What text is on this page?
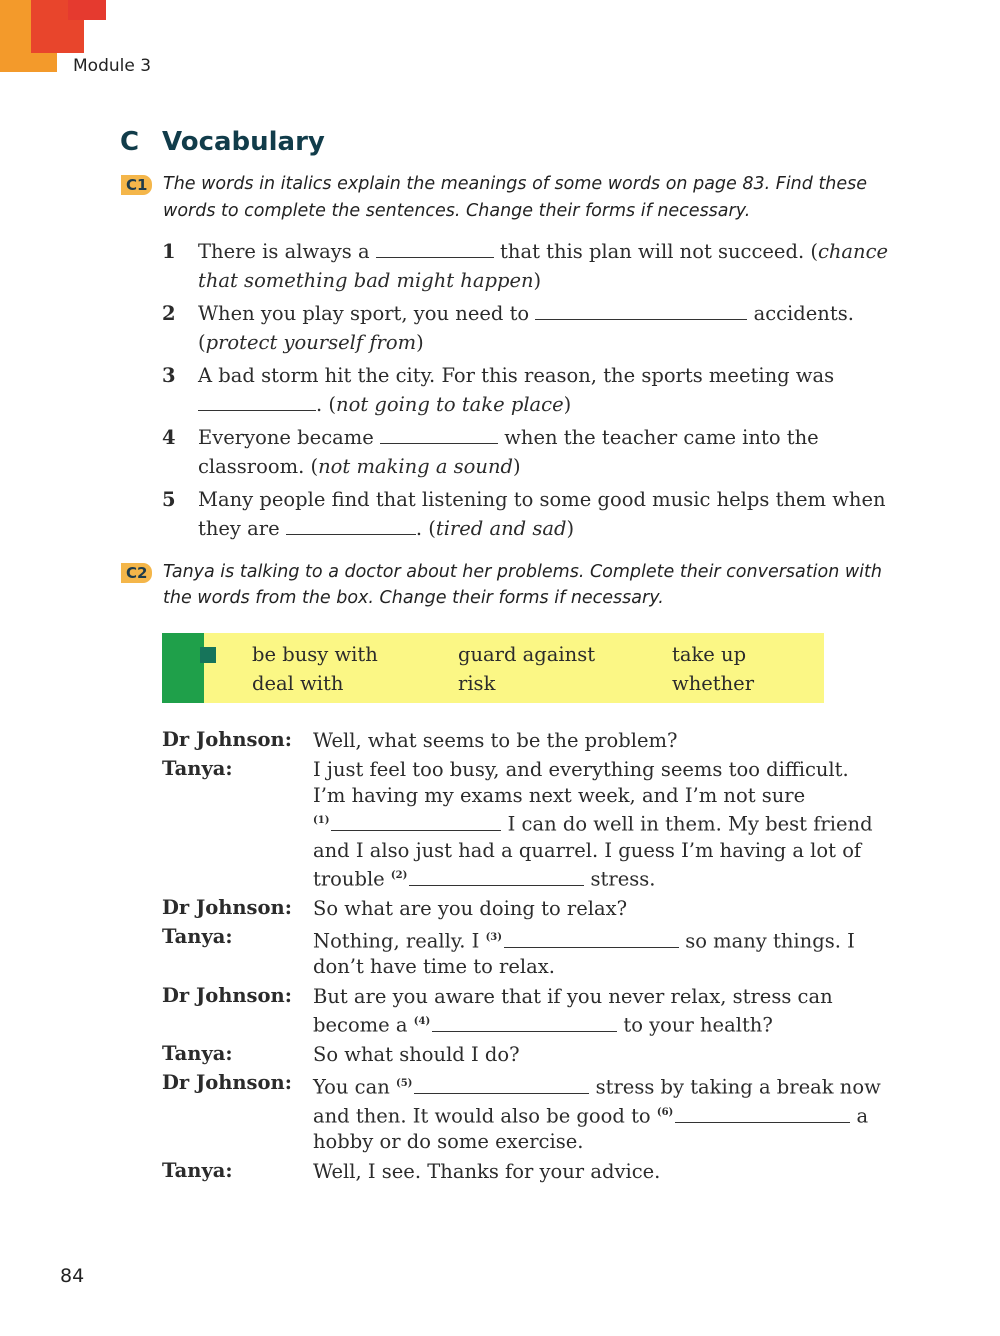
Module 3
C Vocabulary
C1 The words in italics explain the meanings of some words on page 83. Find these
words to complete the sentences. Change their forms if necessary.
1 There is always a	that this plan will not succeed. (chance
that something bad might happen)
2 When you play sport, you need to	accidents.
(protect yourself from)
3 A bad storm hit the city. For this reason, the sports meeting was
. (not going to take place)
4 Everyone became	when the teacher came into the
classroom. (not making a sound)
5 Many people find that listening to some good music helps them when
they are	. (tired and sad)
C2 Tanya is talking to a doctor about her problems. Complete their conversation with
the words from the box. Change their forms if necessary.
be busy with	guard against	take up
deal with	risk	whether
Dr Johnson: Well, what seems to be the problem?
Tanya:	I just feel too busy, and everything seems too difficult.
I’m having my exams next week, and I’m not sure
$^{(1)}$	I can do well in them. My best friend
and I also just had a quarrel. I guess I’m having a lot of
trouble $^{(2)}$	stress.
Dr Johnson: So what are you doing to relax?
Tanya:	Nothing, really. I $^{(3)}$	so many things. I
don’t have time to relax.
Dr Johnson: But are you aware that if you never relax, stress can
become a $^{(4)}$	to your health?
Tanya:	So what should I do?
Dr Johnson: You can $^{(5)}$	stress by taking a break now
and then. It would also be good to $^{(6)}$	a
hobby or do some exercise.
Tanya:	Well, I see. Thanks for your advice.
84
